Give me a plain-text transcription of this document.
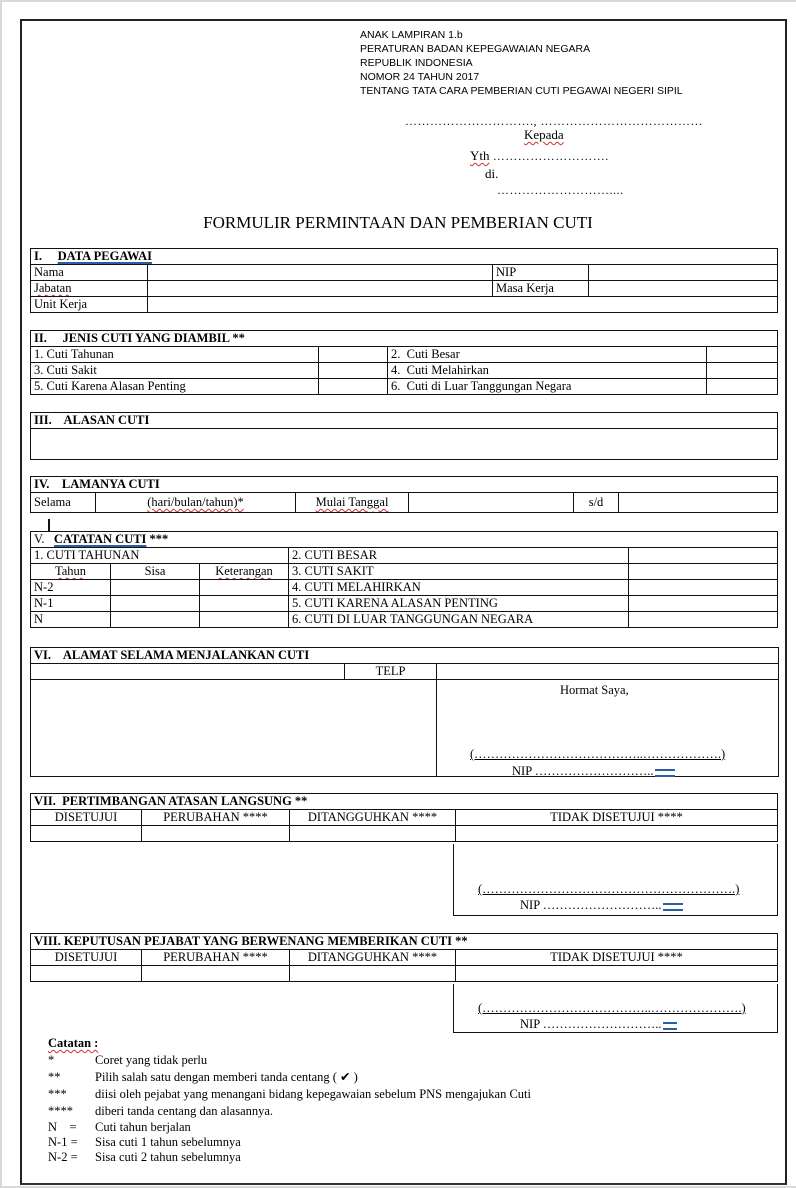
ANAK LAMPIRAN 1.b
PERATURAN BADAN KEPEGAWAIAN NEGARA
REPUBLIK INDONESIA
NOMOR 24 TAHUN 2017
TENTANG TATA CARA PEMBERIAN CUTI PEGAWAI NEGERI SIPIL
…………………………., …………………………………
Kepada
Yth ……………………….
di.
………………………....
FORMULIR PERMINTAAN DAN PEMBERIAN CUTI
I. DATA PEGAWAI			
Nama		NIP	
Jabatan		Masa Kerja	
Unit Kerja			
II.     JENIS CUTI YANG DIAMBIL **			
1. Cuti Tahunan		2.  Cuti Besar	
3. Cuti Sakit		4.  Cuti Melahirkan	
5. Cuti Karena Alasan Penting		6.  Cuti di Luar Tanggungan Negara	
III.    ALASAN CUTI

IV.    LAMANYA CUTI
Selama	(hari/bulan/tahun)*	Mulai Tanggal		s/d	
V. CATATAN CUTI ***				
1. CUTI TAHUNAN			2. CUTI BESAR	
Tahun	Sisa	Keterangan	3. CUTI SAKIT	
N-2			4. CUTI MELAHIRKAN	
N-1			5. CUTI KARENA ALASAN PENTING	
N			6. CUTI DI LUAR TANGGUNGAN NEGARA	
VI.    ALAMAT SELAMA MENJALANKAN CUTI		
	TELP	

Hormat Saya,
(…………………………………..……………….)
NIP ………………………..
VII.  PERTIMBANGAN ATASAN LANGSUNG **			
DISETUJUI	PERUBAHAN ****	DITANGGUHKAN ****	TIDAK DISETUJUI ****

(…………………………………………………….)
NIP ………………………..
VIII. KEPUTUSAN PEJABAT YANG BERWENANG MEMBERIKAN CUTI **			
DISETUJUI	PERUBAHAN ****	DITANGGUHKAN ****	TIDAK DISETUJUI ****

(…………………………………..………………….)
NIP ………………………..
Catatan :
*	Coret yang tidak perlu
**	Pilih salah satu dengan memberi tanda centang ( ✔ )
***	diisi oleh pejabat yang menangani bidang kepegawaian sebelum PNS mengajukan Cuti
****	diberi tanda centang dan alasannya.
N    =	Cuti tahun berjalan
N-1 =	Sisa cuti 1 tahun sebelumnya
N-2 =	Sisa cuti 2 tahun sebelumnya
